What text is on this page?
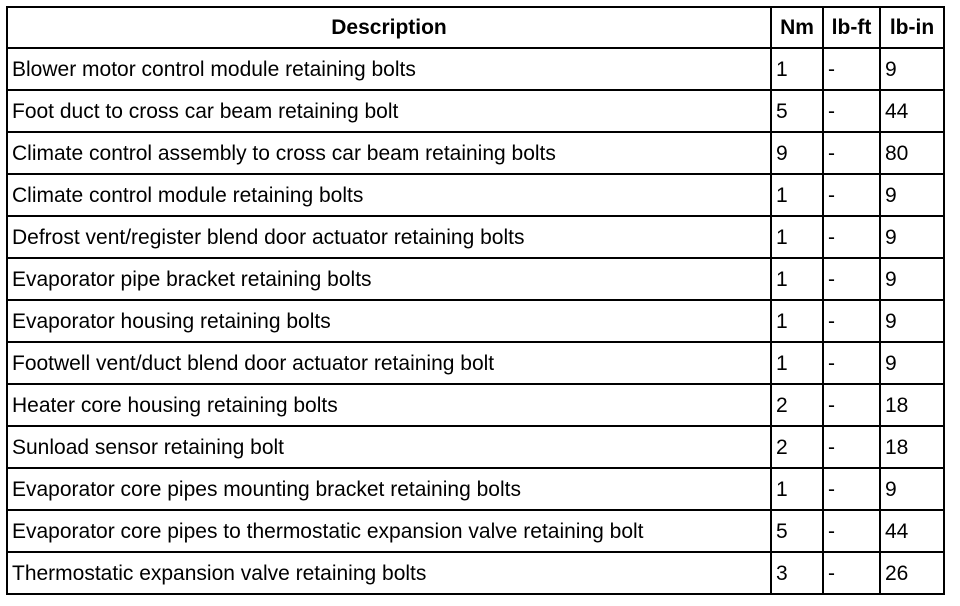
Description	Nm	lb-ft	lb-in
Blower motor control module retaining bolts	1	-	9
Foot duct to cross car beam retaining bolt	5	-	44
Climate control assembly to cross car beam retaining bolts	9	-	80
Climate control module retaining bolts	1	-	9
Defrost vent/register blend door actuator retaining bolts	1	-	9
Evaporator pipe bracket retaining bolts	1	-	9
Evaporator housing retaining bolts	1	-	9
Footwell vent/duct blend door actuator retaining bolt	1	-	9
Heater core housing retaining bolts	2	-	18
Sunload sensor retaining bolt	2	-	18
Evaporator core pipes mounting bracket retaining bolts	1	-	9
Evaporator core pipes to thermostatic expansion valve retaining bolt	5	-	44
Thermostatic expansion valve retaining bolts	3	-	26
